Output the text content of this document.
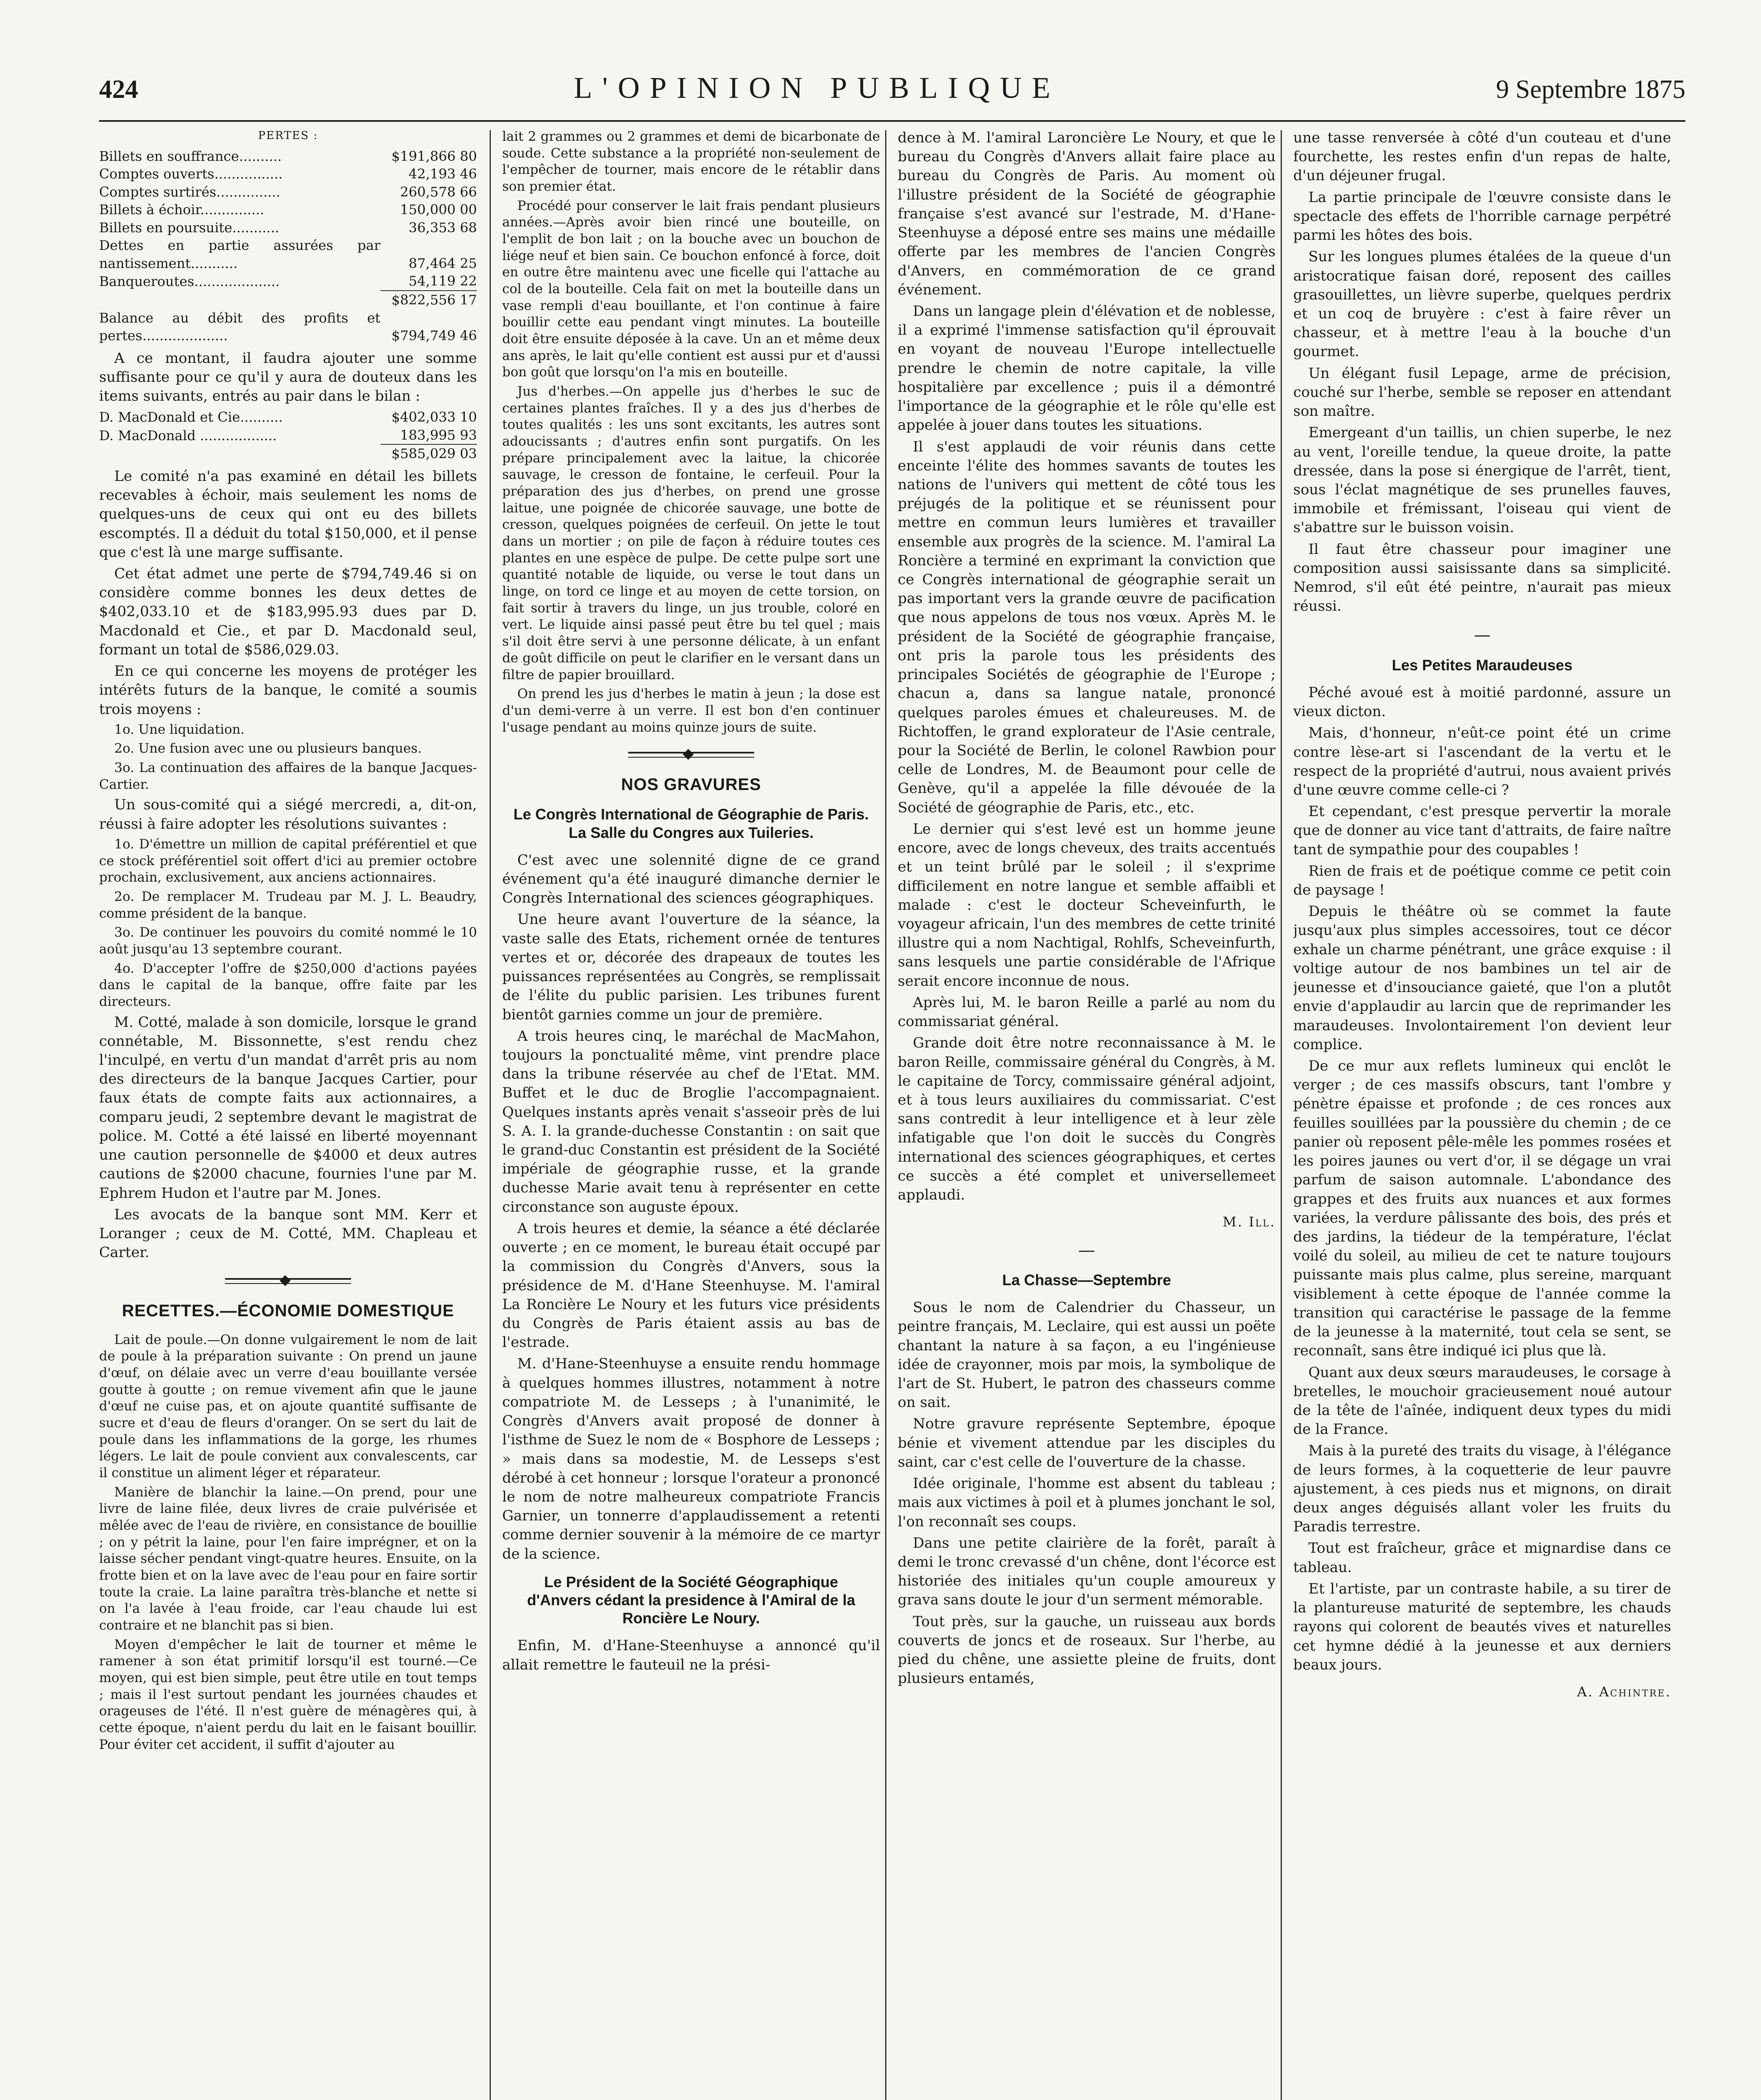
424	L'OPINION PUBLIQUE	9 Septembre 1875
PERTES :
Billets en souffrance..........	$191,866 80
Comptes ouverts................	42,193 46
Comptes surtirés...............	260,578 66
Billets à échoir...............	150,000 00
Billets en poursuite...........	36,353 68
Dettes en partie assurées par nantissement...........	87,464 25
Banqueroutes....................	54,119 22
	$822,556 17
Balance au débit des profits et pertes....................	$794,749 46

A ce montant, il faudra ajouter une somme suffisante pour ce qu'il y aura de douteux dans les items suivants, entrés au pair dans le bilan :

D. MacDonald et Cie..........	$402,033 10
D. MacDonald ..................	183,995 93
	$585,029 03

Le comité n'a pas examiné en détail les billets recevables à échoir, mais seulement les noms de quelques-uns de ceux qui ont eu des billets escomptés. Il a déduit du total $150,000, et il pense que c'est là une marge suffisante.

Cet état admet une perte de $794,749.46 si on considère comme bonnes les deux dettes de $402,033.10 et de $183,995.93 dues par D. Macdonald et Cie., et par D. Macdonald seul, formant un total de $586,029.03.

En ce qui concerne les moyens de protéger les intérêts futurs de la banque, le comité a soumis trois moyens :

1o. Une liquidation.

2o. Une fusion avec une ou plusieurs banques.

3o. La continuation des affaires de la banque Jacques-Cartier.

Un sous-comité qui a siégé mercredi, a, dit-on, réussi à faire adopter les résolutions suivantes :

1o. D'émettre un million de capital préférentiel et que ce stock préférentiel soit offert d'ici au premier octobre prochain, exclusivement, aux anciens actionnaires.

2o. De remplacer M. Trudeau par M. J. L. Beaudry, comme président de la banque.

3o. De continuer les pouvoirs du comité nommé le 10 août jusqu'au 13 septembre courant.

4o. D'accepter l'offre de $250,000 d'actions payées dans le capital de la banque, offre faite par les directeurs.

M. Cotté, malade à son domicile, lorsque le grand connétable, M. Bissonnette, s'est rendu chez l'inculpé, en vertu d'un mandat d'arrêt pris au nom des directeurs de la banque Jacques Cartier, pour faux états de compte faits aux actionnaires, a comparu jeudi, 2 septembre devant le magistrat de police. M. Cotté a été laissé en liberté moyennant une caution personnelle de $4000 et deux autres cautions de $2000 chacune, fournies l'une par M. Ephrem Hudon et l'autre par M. Jones.

Les avocats de la banque sont MM. Kerr et Loranger ; ceux de M. Cotté, MM. Chapleau et Carter.

◆
RECETTES.—ÉCONOMIE DOMESTIQUE

Lait de poule.—On donne vulgairement le nom de lait de poule à la préparation suivante : On prend un jaune d'œuf, on délaie avec un verre d'eau bouillante versée goutte à goutte ; on remue vivement afin que le jaune d'œuf ne cuise pas, et on ajoute quantité suffisante de sucre et d'eau de fleurs d'oranger. On se sert du lait de poule dans les inflammations de la gorge, les rhumes légers. Le lait de poule convient aux convalescents, car il constitue un aliment léger et réparateur.

Manière de blanchir la laine.—On prend, pour une livre de laine filée, deux livres de craie pulvérisée et mêlée avec de l'eau de rivière, en consistance de bouillie ; on y pétrit la laine, pour l'en faire imprégner, et on la laisse sécher pendant vingt-quatre heures. Ensuite, on la frotte bien et on la lave avec de l'eau pour en faire sortir toute la craie. La laine paraîtra très-blanche et nette si on l'a lavée à l'eau froide, car l'eau chaude lui est contraire et ne blanchit pas si bien.

Moyen d'empêcher le lait de tourner et même le ramener à son état primitif lorsqu'il est tourné.—Ce moyen, qui est bien simple, peut être utile en tout temps ; mais il l'est surtout pendant les journées chaudes et orageuses de l'été. Il n'est guère de ménagères qui, à cette époque, n'aient perdu du lait en le faisant bouillir. Pour éviter cet accident, il suffit d'ajouter au

lait 2 grammes ou 2 grammes et demi de bicarbonate de soude. Cette substance a la propriété non-seulement de l'empêcher de tourner, mais encore de le rétablir dans son premier état.

Procédé pour conserver le lait frais pendant plusieurs années.—Après avoir bien rincé une bouteille, on l'emplit de bon lait ; on la bouche avec un bouchon de liége neuf et bien sain. Ce bouchon enfoncé à force, doit en outre être maintenu avec une ficelle qui l'attache au col de la bouteille. Cela fait on met la bouteille dans un vase rempli d'eau bouillante, et l'on continue à faire bouillir cette eau pendant vingt minutes. La bouteille doit être ensuite déposée à la cave. Un an et même deux ans après, le lait qu'elle contient est aussi pur et d'aussi bon goût que lorsqu'on l'a mis en bouteille.

Jus d'herbes.—On appelle jus d'herbes le suc de certaines plantes fraîches. Il y a des jus d'herbes de toutes qualités : les uns sont excitants, les autres sont adoucissants ; d'autres enfin sont purgatifs. On les prépare principalement avec la laitue, la chicorée sauvage, le cresson de fontaine, le cerfeuil. Pour la préparation des jus d'herbes, on prend une grosse laitue, une poignée de chicorée sauvage, une botte de cresson, quelques poignées de cerfeuil. On jette le tout dans un mortier ; on pile de façon à réduire toutes ces plantes en une espèce de pulpe. De cette pulpe sort une quantité notable de liquide, ou verse le tout dans un linge, on tord ce linge et au moyen de cette torsion, on fait sortir à travers du linge, un jus trouble, coloré en vert. Le liquide ainsi passé peut être bu tel quel ; mais s'il doit être servi à une personne délicate, à un enfant de goût difficile on peut le clarifier en le versant dans un filtre de papier brouillard.

On prend les jus d'herbes le matin à jeun ; la dose est d'un demi-verre à un verre. Il est bon d'en continuer l'usage pendant au moins quinze jours de suite.

◆
NOS GRAVURES
Le Congrès International de Géographie de Paris. La Salle du Congres aux Tuileries.

C'est avec une solennité digne de ce grand événement qu'a été inauguré dimanche dernier le Congrès International des sciences géographiques.

Une heure avant l'ouverture de la séance, la vaste salle des Etats, richement ornée de tentures vertes et or, décorée des drapeaux de toutes les puissances représentées au Congrès, se remplissait de l'élite du public parisien. Les tribunes furent bientôt garnies comme un jour de première.

A trois heures cinq, le maréchal de MacMahon, toujours la ponctualité même, vint prendre place dans la tribune réservée au chef de l'Etat. MM. Buffet et le duc de Broglie l'accompagnaient. Quelques instants après venait s'asseoir près de lui S. A. I. la grande-duchesse Constantin : on sait que le grand-duc Constantin est président de la Société impériale de géographie russe, et la grande duchesse Marie avait tenu à représenter en cette circonstance son auguste époux.

A trois heures et demie, la séance a été déclarée ouverte ; en ce moment, le bureau était occupé par la commission du Congrès d'Anvers, sous la présidence de M. d'Hane Steenhuyse. M. l'amiral La Roncière Le Noury et les futurs vice présidents du Congrès de Paris étaient assis au bas de l'estrade.

M. d'Hane-Steenhuyse a ensuite rendu hommage à quelques hommes illustres, notamment à notre compatriote M. de Lesseps ; à l'unanimité, le Congrès d'Anvers avait proposé de donner à l'isthme de Suez le nom de « Bosphore de Lesseps ; » mais dans sa modestie, M. de Lesseps s'est dérobé à cet honneur ; lorsque l'orateur a prononcé le nom de notre malheureux compatriote Francis Garnier, un tonnerre d'applaudissement a retenti comme dernier souvenir à la mémoire de ce martyr de la science.

Le Président de la Société Géographique d'Anvers cédant la presidence à l'Amiral de la Roncière Le Noury.

Enfin, M. d'Hane-Steenhuyse a annoncé qu'il allait remettre le fauteuil ne la prési-

dence à M. l'amiral Laroncière Le Noury, et que le bureau du Congrès d'Anvers allait faire place au bureau du Congrès de Paris. Au moment où l'illustre président de la Société de géographie française s'est avancé sur l'estrade, M. d'Hane-Steenhuyse a déposé entre ses mains une médaille offerte par les membres de l'ancien Congrès d'Anvers, en commémoration de ce grand événement.

Dans un langage plein d'élévation et de noblesse, il a exprimé l'immense satisfaction qu'il éprouvait en voyant de nouveau l'Europe intellectuelle prendre le chemin de notre capitale, la ville hospitalière par excellence ; puis il a démontré l'importance de la géographie et le rôle qu'elle est appelée à jouer dans toutes les situations.

Il s'est applaudi de voir réunis dans cette enceinte l'élite des hommes savants de toutes les nations de l'univers qui mettent de côté tous les préjugés de la politique et se réunissent pour mettre en commun leurs lumières et travailler ensemble aux progrès de la science. M. l'amiral La Roncière a terminé en exprimant la conviction que ce Congrès international de géographie serait un pas important vers la grande œuvre de pacification que nous appelons de tous nos vœux. Après M. le président de la Société de géographie française, ont pris la parole tous les présidents des principales Sociétés de géographie de l'Europe ; chacun a, dans sa langue natale, prononcé quelques paroles émues et chaleureuses. M. de Richtoffen, le grand explorateur de l'Asie centrale, pour la Société de Berlin, le colonel Rawbion pour celle de Londres, M. de Beaumont pour celle de Genève, qu'il a appelée la fille dévouée de la Société de géographie de Paris, etc., etc.

Le dernier qui s'est levé est un homme jeune encore, avec de longs cheveux, des traits accentués et un teint brûlé par le soleil ; il s'exprime difficilement en notre langue et semble affaibli et malade : c'est le docteur Scheveinfurth, le voyageur africain, l'un des membres de cette trinité illustre qui a nom Nachtigal, Rohlfs, Scheveinfurth, sans lesquels une partie considérable de l'Afrique serait encore inconnue de nous.

Après lui, M. le baron Reille a parlé au nom du commissariat général.

Grande doit être notre reconnaissance à M. le baron Reille, commissaire général du Congrès, à M. le capitaine de Torcy, commissaire général adjoint, et à tous leurs auxiliaires du commissariat. C'est sans contredit à leur intelligence et à leur zèle infatigable que l'on doit le succès du Congrès international des sciences géographiques, et certes ce succès a été complet et universellemeet applaudi.

M. Ill.
—
La Chasse—Septembre

Sous le nom de Calendrier du Chasseur, un peintre français, M. Leclaire, qui est aussi un poëte chantant la nature à sa façon, a eu l'ingénieuse idée de crayonner, mois par mois, la symbolique de l'art de St. Hubert, le patron des chasseurs comme on sait.

Notre gravure représente Septembre, époque bénie et vivement attendue par les disciples du saint, car c'est celle de l'ouverture de la chasse.

Idée originale, l'homme est absent du tableau ; mais aux victimes à poil et à plumes jonchant le sol, l'on reconnaît ses coups.

Dans une petite clairière de la forêt, paraît à demi le tronc crevassé d'un chêne, dont l'écorce est historiée des initiales qu'un couple amoureux y grava sans doute le jour d'un serment mémorable.

Tout près, sur la gauche, un ruisseau aux bords couverts de joncs et de roseaux. Sur l'herbe, au pied du chêne, une assiette pleine de fruits, dont plusieurs entamés,

une tasse renversée à côté d'un couteau et d'une fourchette, les restes enfin d'un repas de halte, d'un déjeuner frugal.

La partie principale de l'œuvre consiste dans le spectacle des effets de l'horrible carnage perpétré parmi les hôtes des bois.

Sur les longues plumes étalées de la queue d'un aristocratique faisan doré, reposent des cailles grasouillettes, un lièvre superbe, quelques perdrix et un coq de bruyère : c'est à faire rêver un chasseur, et à mettre l'eau à la bouche d'un gourmet.

Un élégant fusil Lepage, arme de précision, couché sur l'herbe, semble se reposer en attendant son maître.

Emergeant d'un taillis, un chien superbe, le nez au vent, l'oreille tendue, la queue droite, la patte dressée, dans la pose si énergique de l'arrêt, tient, sous l'éclat magnétique de ses prunelles fauves, immobile et frémissant, l'oiseau qui vient de s'abattre sur le buisson voisin.

Il faut être chasseur pour imaginer une composition aussi saisissante dans sa simplicité. Nemrod, s'il eût été peintre, n'aurait pas mieux réussi.

—
Les Petites Maraudeuses

Péché avoué est à moitié pardonné, assure un vieux dicton.

Mais, d'honneur, n'eût-ce point été un crime contre lèse-art si l'ascendant de la vertu et le respect de la propriété d'autrui, nous avaient privés d'une œuvre comme celle-ci ?

Et cependant, c'est presque pervertir la morale que de donner au vice tant d'attraits, de faire naître tant de sympathie pour des coupables !

Rien de frais et de poétique comme ce petit coin de paysage !

Depuis le théâtre où se commet la faute jusqu'aux plus simples accessoires, tout ce décor exhale un charme pénétrant, une grâce exquise : il voltige autour de nos bambines un tel air de jeunesse et d'insouciance gaieté, que l'on a plutôt envie d'applaudir au larcin que de reprimander les maraudeuses. Involontairement l'on devient leur complice.

De ce mur aux reflets lumineux qui enclôt le verger ; de ces massifs obscurs, tant l'ombre y pénètre épaisse et profonde ; de ces ronces aux feuilles souillées par la poussière du chemin ; de ce panier où reposent pêle-mêle les pommes rosées et les poires jaunes ou vert d'or, il se dégage un vrai parfum de saison automnale. L'abondance des grappes et des fruits aux nuances et aux formes variées, la verdure pâlissante des bois, des prés et des jardins, la tiédeur de la température, l'éclat voilé du soleil, au milieu de cet te nature toujours puissante mais plus calme, plus sereine, marquant visiblement à cette époque de l'année comme la transition qui caractérise le passage de la femme de la jeunesse à la maternité, tout cela se sent, se reconnaît, sans être indiqué ici plus que là.

Quant aux deux sœurs maraudeuses, le corsage à bretelles, le mouchoir gracieusement noué autour de la tête de l'aînée, indiquent deux types du midi de la France.

Mais à la pureté des traits du visage, à l'élégance de leurs formes, à la coquetterie de leur pauvre ajustement, à ces pieds nus et mignons, on dirait deux anges déguisés allant voler les fruits du Paradis terrestre.

Tout est fraîcheur, grâce et mignardise dans ce tableau.

Et l'artiste, par un contraste habile, a su tirer de la plantureuse maturité de septembre, les chauds rayons qui colorent de beautés vives et naturelles cet hymne dédié à la jeunesse et aux derniers beaux jours.

A. Achintre.
